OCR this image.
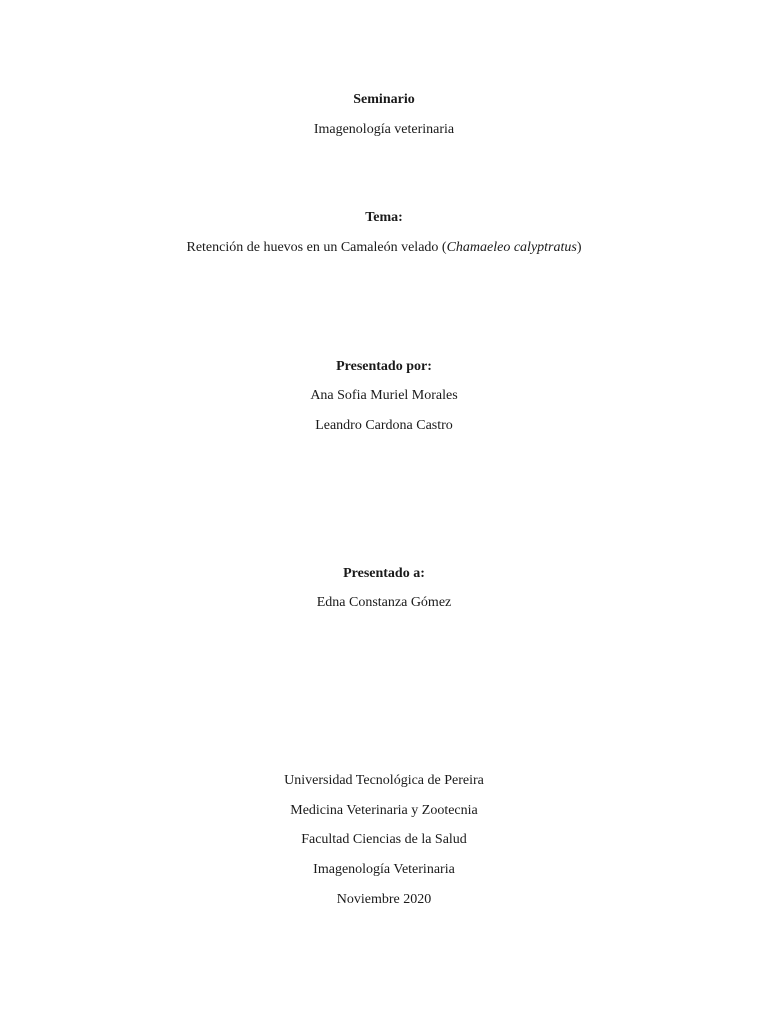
Seminario
Imagenología veterinaria
Tema:
Retención de huevos en un Camaleón velado (Chamaeleo calyptratus)
Presentado por:
Ana Sofia Muriel Morales
Leandro Cardona Castro
Presentado a:
Edna Constanza Gómez
Universidad Tecnológica de Pereira
Medicina Veterinaria y Zootecnia
Facultad Ciencias de la Salud
Imagenología Veterinaria
Noviembre 2020
